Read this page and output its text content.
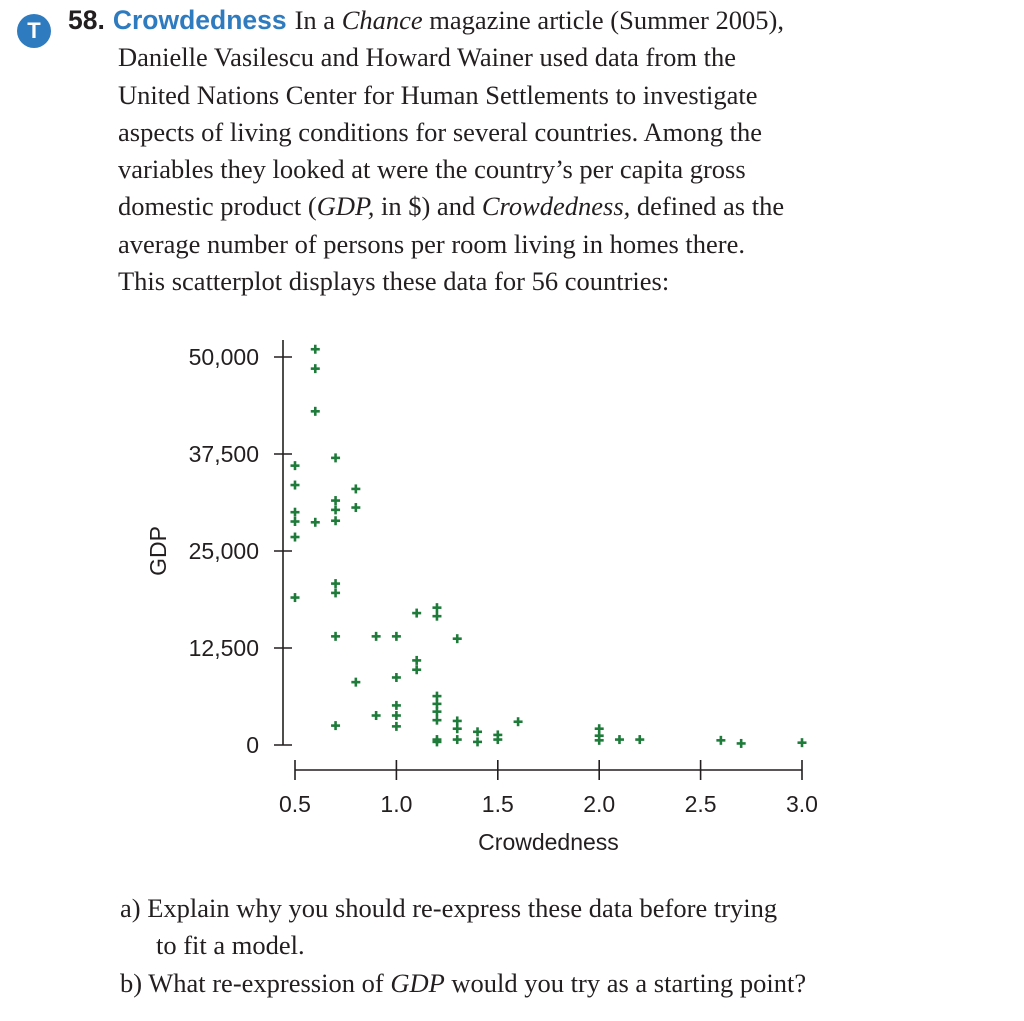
T	58. Crowdedness In a Chance magazine article (Summer 2005),
Danielle Vasilescu and Howard Wainer used data from the
United Nations Center for Human Settlements to investigate
aspects of living conditions for several countries. Among the
variables they looked at were the country’s per capita gross
domestic product (GDP, in $) and Crowdedness, defined as the
average number of persons per room living in homes there.
This scatterplot displays these data for 56 countries:
0
12,500
25,000
37,500
50,000
0.5	1.0	1.5	2.0	2.5	3.0
Crowdedness
GDP
a) Explain why you should re-express these data before trying
to fit a model.
b) What re-expression of GDP would you try as a starting point?
